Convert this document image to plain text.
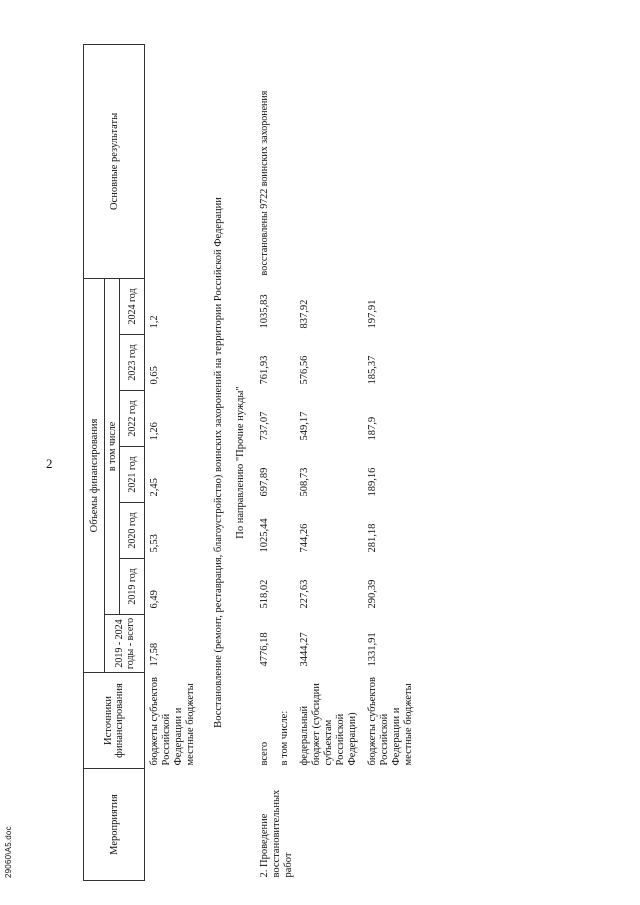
2
29060\А5.doc	Мероприятия	Источники финансирования	Объемы финансирования							Основные результаты
		2019 - 2024 годы - всего	в том числе						
			2019 год	2020 год	2021 год	2022 год	2023 год	2024 год	
	бюджеты субъектов Российской Федерации и местные бюджеты	17,58	6,49	5,53	2,45	1,26	0,65	1,2	
Восстановление (ремонт, реставрация, благоустройство) воинских захоронений на территории Российской Федерации									
По направлению "Прочие нужды"									
2. Проведение восстановительных работ	всего	4776,18	518,02	1025,44	697,89	737,07	761,93	1035,83	восстановлены 9722 воинских захоронения
	в том числе:								
	федеральный бюджет (субсидии субъектам Российской Федерации)	3444,27	227,63	744,26	508,73	549,17	576,56	837,92	
	бюджеты субъектов Российской Федерации и местные бюджеты	1331,91	290,39	281,18	189,16	187,9	185,37	197,91	
